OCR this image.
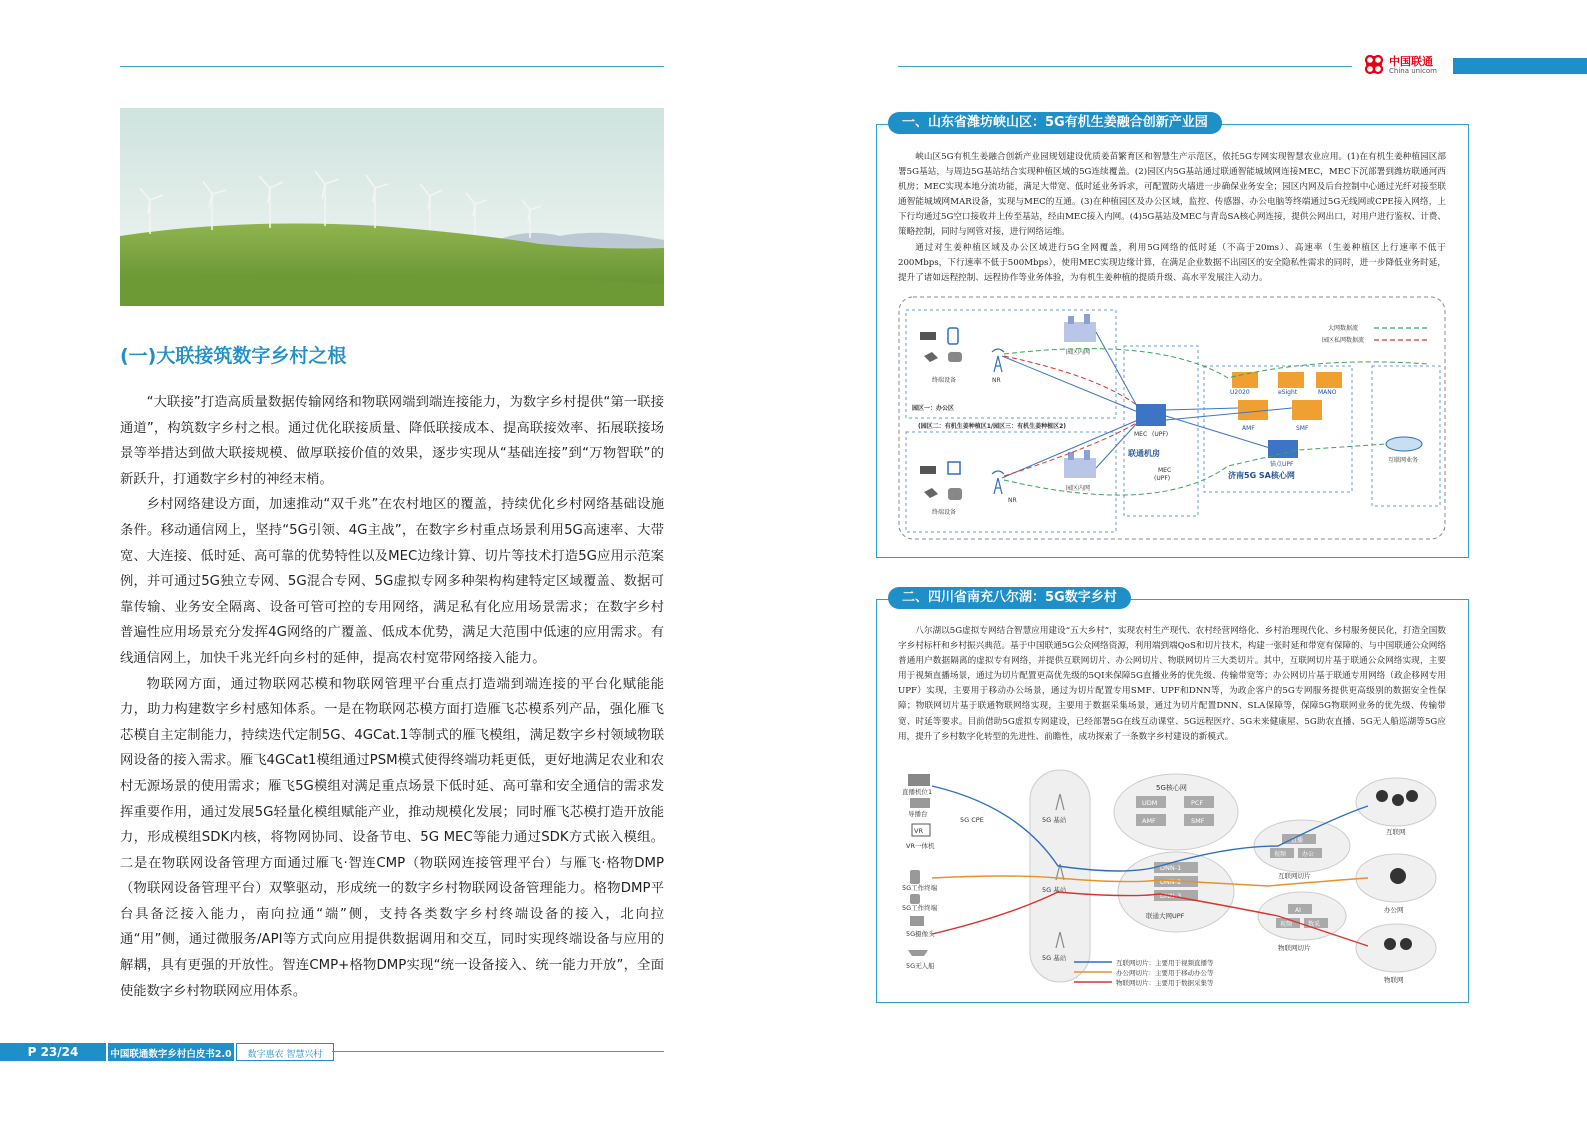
中国联通
China unicom
(一)大联接筑数字乡村之根

“大联接”打造高质量数据传输网络和物联网端到端连接能力，为数字乡村提供“第一联接通道”，构筑数字乡村之根。通过优化联接质量、降低联接成本、提高联接效率、拓展联接场景等举措达到做大联接规模、做厚联接价值的效果，逐步实现从“基础连接”到“万物智联”的新跃升，打通数字乡村的神经末梢。

乡村网络建设方面，加速推动“双千兆”在农村地区的覆盖，持续优化乡村网络基础设施条件。移动通信网上，坚持“5G引领、4G主战”，在数字乡村重点场景利用5G高速率、大带宽、大连接、低时延、高可靠的优势特性以及MEC边缘计算、切片等技术打造5G应用示范案例，并可通过5G独立专网、5G混合专网、5G虚拟专网多种架构构建特定区域覆盖、数据可靠传输、业务安全隔离、设备可管可控的专用网络，满足私有化应用场景需求；在数字乡村普遍性应用场景充分发挥4G网络的广覆盖、低成本优势，满足大范围中低速的应用需求。有线通信网上，加快千兆光纤向乡村的延伸，提高农村宽带网络接入能力。

物联网方面，通过物联网芯模和物联网管理平台重点打造端到端连接的平台化赋能能力，助力构建数字乡村感知体系。一是在物联网芯模方面打造雁飞芯模系列产品，强化雁飞芯模自主定制能力，持续迭代定制5G、4GCat.1等制式的雁飞模组，满足数字乡村领域物联网设备的接入需求。雁飞4GCat1模组通过PSM模式使得终端功耗更低，更好地满足农业和农村无源场景的使用需求；雁飞5G模组对满足重点场景下低时延、高可靠和安全通信的需求发挥重要作用，通过发展5G轻量化模组赋能产业，推动规模化发展；同时雁飞芯模打造开放能力，形成模组SDK内核，将物网协同、设备节电、5G MEC等能力通过SDK方式嵌入模组。二是在物联网设备管理方面通过雁飞·智连CMP（物联网连接管理平台）与雁飞·格物DMP（物联网设备管理平台）双擎驱动，形成统一的数字乡村物联网设备管理能力。格物DMP平台具备泛接入能力，南向拉通“端”侧，支持各类数字乡村终端设备的接入，北向拉通“用”侧，通过微服务/API等方式向应用提供数据调用和交互，同时实现终端设备与应用的解耦，具有更强的开放性。智连CMP+格物DMP实现“统一设备接入、统一能力开放”，全面使能数字乡村物联网应用体系。

一、山东省潍坊峡山区：5G有机生姜融合创新产业园

峡山区5G有机生姜融合创新产业园规划建设优质姜苗繁育区和智慧生产示范区，依托5G专网实现智慧农业应用。(1)在有机生姜种植园区部署5G基站，与周边5G基站结合实现种植区域的5G连续覆盖。(2)园区内5G基站通过联通智能城域网连接MEC，MEC下沉部署到潍坊联通河西机房；MEC实现本地分流功能，满足大带宽、低时延业务诉求，可配置防火墙进一步确保业务安全；园区内网及后台控制中心通过光纤对接至联通智能城域网MAR设备，实现与MEC的互通。(3)在种植园区及办公区域，监控、传感器、办公电脑等终端通过5G无线网或CPE接入网络，上下行均通过5G空口接收并上传至基站，经由MEC接入内网。(4)5G基站及MEC与青岛SA核心网连接，提供公网出口，对用户进行鉴权、计费、策略控制，同时与网管对接，进行网络运维。

通过对生姜种植区域及办公区域进行5G全网覆盖，利用5G网络的低时延（不高于20ms）、高速率（生姜种植区上行速率不低于200Mbps，下行速率不低于500Mbps），使用MEC实现边缘计算，在满足企业数据不出园区的安全隐私性需求的同时，进一步降低业务时延，提升了诸如远程控制、远程协作等业务体验，为有机生姜种植的提质升级、高水平发展注入动力。

终端设备	NR
园区内网
园区一：办公区
(园区二：有机生姜种植区1/园区三：有机生姜种植区2)
终端设备
NR
园区内网
MEC (UPF)
联通机房
MEC
(UPF)
U2020	eSight	MANO
AMF	SMF
锚点UPF
济南5G SA核心网
互联网业务
大网数据流
园区私网数据流
二、四川省南充八尔湖：5G数字乡村

八尔湖以5G虚拟专网结合智慧应用建设“五大乡村”，实现农村生产现代、农村经营网络化、乡村治理现代化、乡村服务便民化，打造全国数字乡村标杆和乡村振兴典范。基于中国联通5G公众网络资源，利用端到端QoS和切片技术，构建一张时延和带宽有保障的、与中国联通公众网络普通用户数据隔离的虚拟专有网络，并提供互联网切片、办公网切片、物联网切片三大类切片。其中，互联网切片基于联通公众网络实现，主要用于视频直播场景，通过为切片配置更高优先级的5QI来保障5G直播业务的优先级、传输带宽等；办公网切片基于联通专用网络（政企移网专用UPF）实现，主要用于移动办公场景，通过为切片配置专用SMF、UPF和DNN等，为政企客户的5G专网服务提供更高级别的数据安全性保障；物联网切片基于联通物联网络实现，主要用于数据采集场景，通过为切片配置DNN、SLA保障等，保障5G物联网业务的优先级、传输带宽、时延等要求。目前借助5G虚拟专网建设，已经部署5G在线互动课堂、5G远程医疗、5G未来健康屋、5G助农直播、5G无人船巡湖等5G应用，提升了乡村数字化转型的先进性、前瞻性，成功探索了一条数字乡村建设的新模式。

直播机位1
导播台
VR
VR一体机
5G工作终端
5G工作终端
5G摄像头
5G无人船
5G CPE	5G 基站
5G 基站
5G 基站
5G核心网
UDM	PCF
AMF	SMF
DNN-1
DNN-2
DNN-3
联通大网UPF
直播
视频	办公
互联网切片
AI
视频	数采
物联网切片
互联网
办公网
物联网
互联网切片：主要用于视频直播等
办公网切片：主要用于移动办公等
物联网切片：主要用于数据采集等
P 23/24	中国联通数字乡村白皮书2.0	数字惠农 智慧兴村
